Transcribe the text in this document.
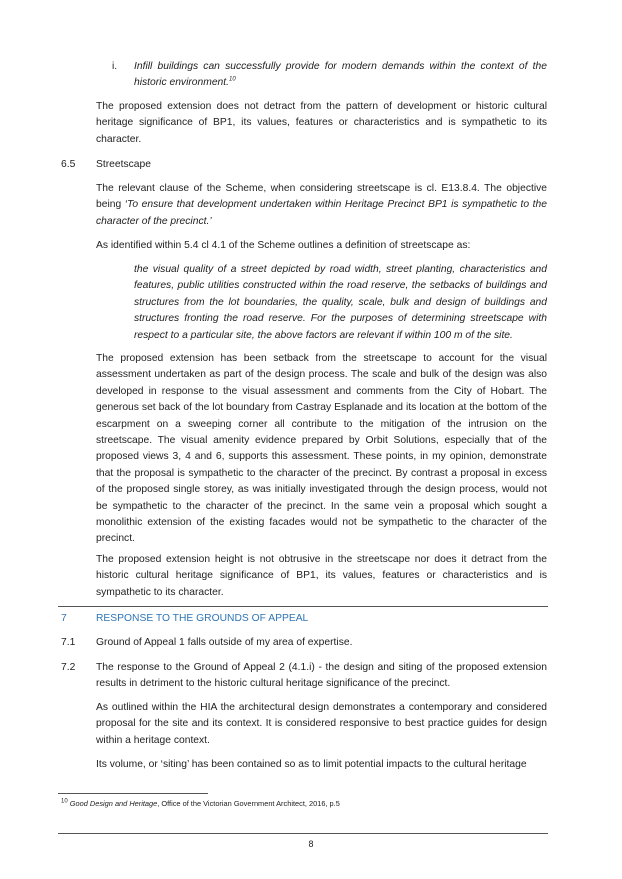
i. Infill buildings can successfully provide for modern demands within the context of the historic environment.$^{10}$

The proposed extension does not detract from the pattern of development or historic cultural heritage significance of BP1, its values, features or characteristics and is sympathetic to its character.

6.5 Streetscape

The relevant clause of the Scheme, when considering streetscape is cl. E13.8.4. The objective being ‘To ensure that development undertaken within Heritage Precinct BP1 is sympathetic to the character of the precinct.’

As identified within 5.4 cl 4.1 of the Scheme outlines a definition of streetscape as:

the visual quality of a street depicted by road width, street planting, characteristics and features, public utilities constructed within the road reserve, the setbacks of buildings and structures from the lot boundaries, the quality, scale, bulk and design of buildings and structures fronting the road reserve. For the purposes of determining streetscape with respect to a particular site, the above factors are relevant if within 100 m of the site.

The proposed extension has been setback from the streetscape to account for the visual assessment undertaken as part of the design process. The scale and bulk of the design was also developed in response to the visual assessment and comments from the City of Hobart. The generous set back of the lot boundary from Castray Esplanade and its location at the bottom of the escarpment on a sweeping corner all contribute to the mitigation of the intrusion on the streetscape. The visual amenity evidence prepared by Orbit Solutions, especially that of the proposed views 3, 4 and 6, supports this assessment. These points, in my opinion, demonstrate that the proposal is sympathetic to the character of the precinct. By contrast a proposal in excess of the proposed single storey, as was initially investigated through the design process, would not be sympathetic to the character of the precinct. In the same vein a proposal which sought a monolithic extension of the existing facades would not be sympathetic to the character of the precinct.

The proposed extension height is not obtrusive in the streetscape nor does it detract from the historic cultural heritage significance of BP1, its values, features or characteristics and is sympathetic to its character.

7	RESPONSE TO THE GROUNDS OF APPEAL
7.1 Ground of Appeal 1 falls outside of my area of expertise.

7.2 The response to the Ground of Appeal 2 (4.1.i) - the design and siting of the proposed extension results in detriment to the historic cultural heritage significance of the precinct.

As outlined within the HIA the architectural design demonstrates a contemporary and considered proposal for the site and its context. It is considered responsive to best practice guides for design within a heritage context.

Its volume, or ‘siting’ has been contained so as to limit potential impacts to the cultural heritage

$^{10}$ Good Design and Heritage, Office of the Victorian Government Architect, 2016, p.5
8
